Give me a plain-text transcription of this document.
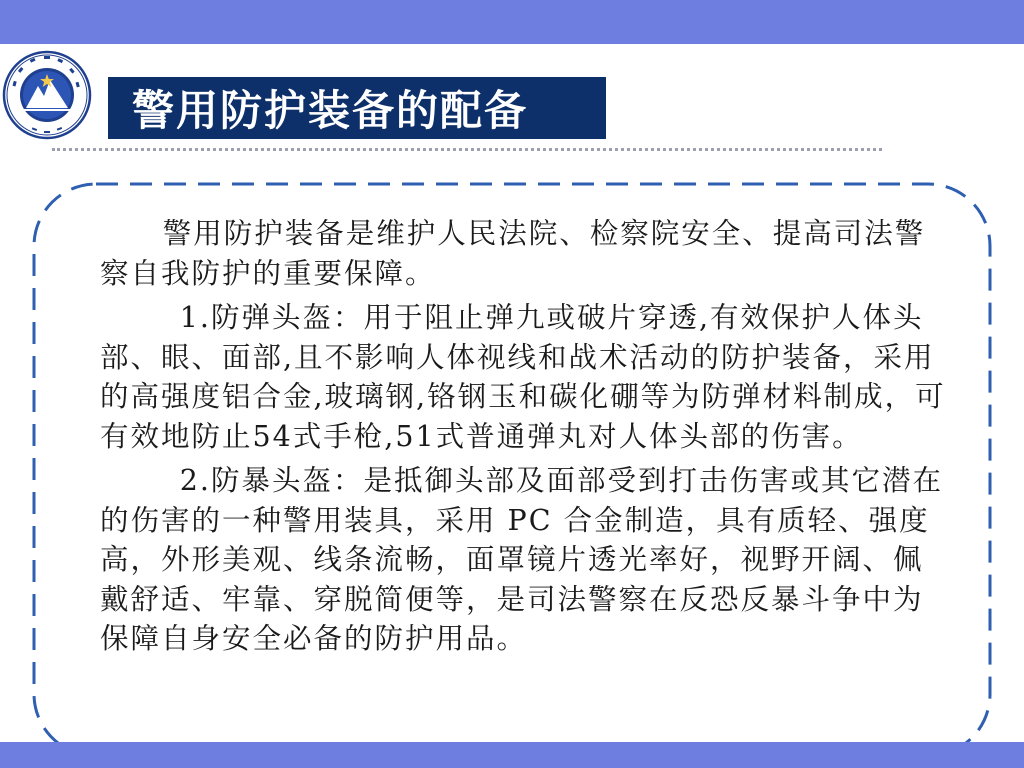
警用防护装备的配备

警用防护装备是维护人民法院、检察院安全、提高司法警察自我防护的重要保障。

1.防弹头盔：用于阻止弹九或破片穿透,有效保护人体头部、眼、面部,且不影响人体视线和战术活动的防护装备，采用的高强度铝合金,玻璃钢,铬钢玉和碳化硼等为防弹材料制成，可有效地防止54式手枪,51式普通弹丸对人体头部的伤害。

2.防暴头盔：是抵御头部及面部受到打击伤害或其它潜在的伤害的一种警用装具，采用 PC 合金制造，具有质轻、强度高，外形美观、线条流畅，面罩镜片透光率好，视野开阔、佩戴舒适、牢靠、穿脱简便等，是司法警察在反恐反暴斗争中为保障自身安全必备的防护用品。
